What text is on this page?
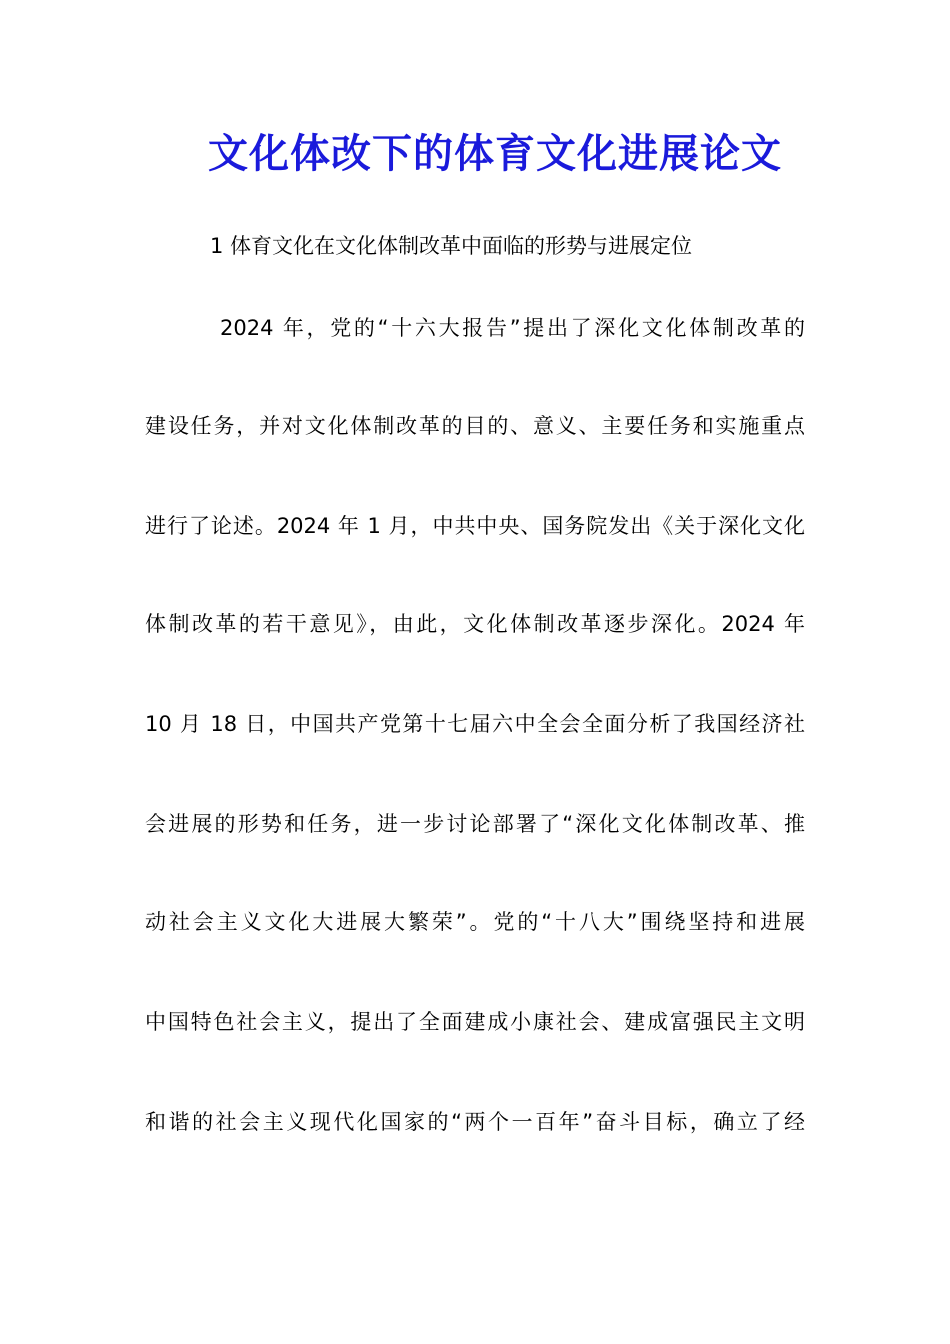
文化体改下的体育文化进展论文
1 体育文化在文化体制改革中面临的形势与进展定位
2024 年，党的“十六大报告”提出了深化文化体制改革的
建设任务，并对文化体制改革的目的、意义、主要任务和实施重点
进行了论述。2024 年 1 月，中共中央、国务院发出《关于深化文化
体制改革的若干意见》，由此，文化体制改革逐步深化。2024 年
10 月 18 日，中国共产党第十七届六中全会全面分析了我国经济社
会进展的形势和任务，进一步讨论部署了“深化文化体制改革、推
动社会主义文化大进展大繁荣”。党的“十八大”围绕坚持和进展
中国特色社会主义，提出了全面建成小康社会、建成富强民主文明
和谐的社会主义现代化国家的“两个一百年”奋斗目标，确立了经
